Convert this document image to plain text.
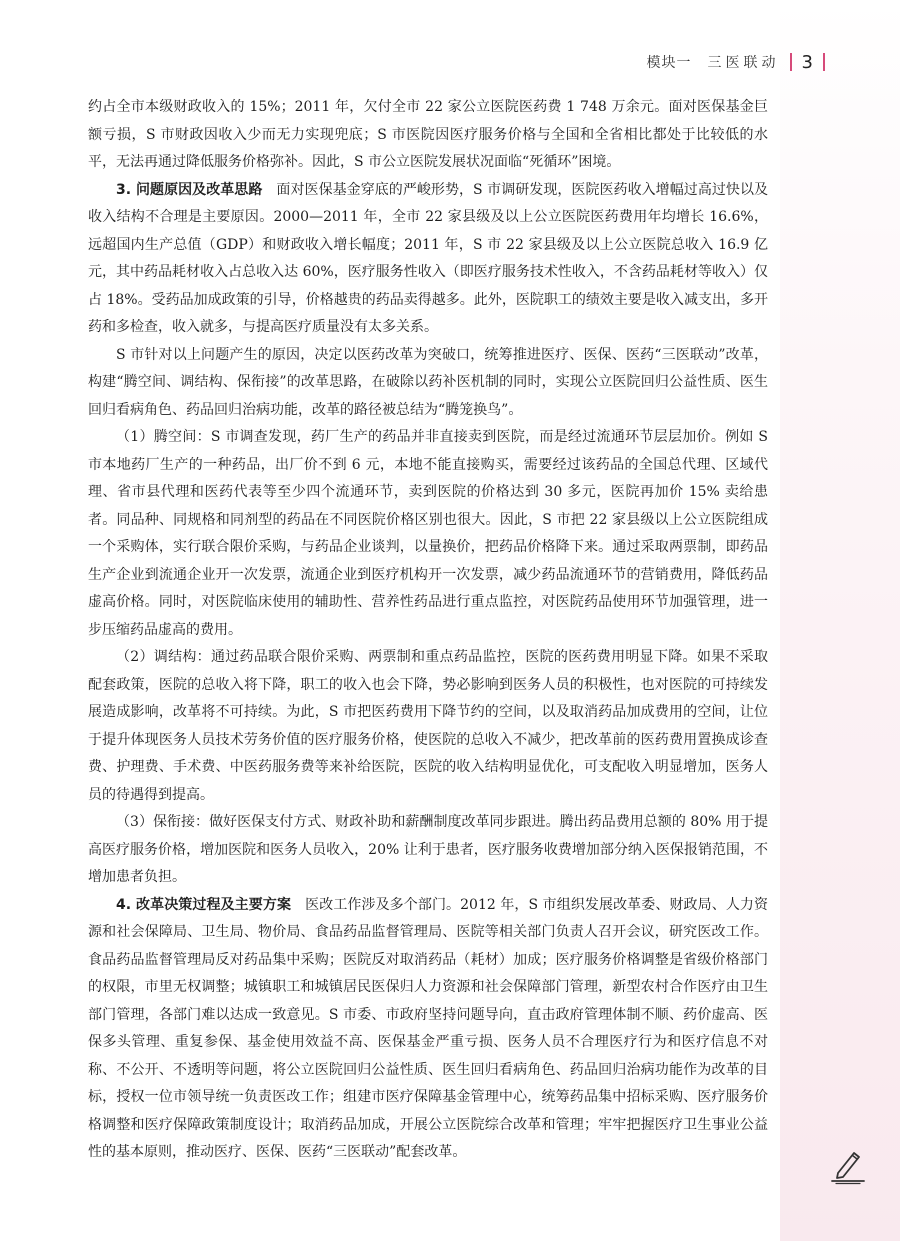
模块一 三医联动 3

约占全市本级财政收入的 15%；2011 年，欠付全市 22 家公立医院医药费 1 748 万余元。面对医保基金巨额亏损，S 市财政因收入少而无力实现兜底；S 市医院因医疗服务价格与全国和全省相比都处于比较低的水平，无法再通过降低服务价格弥补。因此，S 市公立医院发展状况面临“死循环”困境。

3. 问题原因及改革思路　面对医保基金穿底的严峻形势，S 市调研发现，医院医药收入增幅过高过快以及收入结构不合理是主要原因。2000—2011 年，全市 22 家县级及以上公立医院医药费用年均增长 16.6%，远超国内生产总值（GDP）和财政收入增长幅度；2011 年，S 市 22 家县级及以上公立医院总收入 16.9 亿元，其中药品耗材收入占总收入达 60%，医疗服务性收入（即医疗服务技术性收入，不含药品耗材等收入）仅占 18%。受药品加成政策的引导，价格越贵的药品卖得越多。此外，医院职工的绩效主要是收入减支出，多开药和多检查，收入就多，与提高医疗质量没有太多关系。

S 市针对以上问题产生的原因，决定以医药改革为突破口，统筹推进医疗、医保、医药“三医联动”改革，构建“腾空间、调结构、保衔接”的改革思路，在破除以药补医机制的同时，实现公立医院回归公益性质、医生回归看病角色、药品回归治病功能，改革的路径被总结为“腾笼换鸟”。

（1）腾空间：S 市调查发现，药厂生产的药品并非直接卖到医院，而是经过流通环节层层加价。例如 S 市本地药厂生产的一种药品，出厂价不到 6 元，本地不能直接购买，需要经过该药品的全国总代理、区域代理、省市县代理和医药代表等至少四个流通环节，卖到医院的价格达到 30 多元，医院再加价 15% 卖给患者。同品种、同规格和同剂型的药品在不同医院价格区别也很大。因此，S 市把 22 家县级以上公立医院组成一个采购体，实行联合限价采购，与药品企业谈判，以量换价，把药品价格降下来。通过采取两票制，即药品生产企业到流通企业开一次发票，流通企业到医疗机构开一次发票，减少药品流通环节的营销费用，降低药品虚高价格。同时，对医院临床使用的辅助性、营养性药品进行重点监控，对医院药品使用环节加强管理，进一步压缩药品虚高的费用。

（2）调结构：通过药品联合限价采购、两票制和重点药品监控，医院的医药费用明显下降。如果不采取配套政策，医院的总收入将下降，职工的收入也会下降，势必影响到医务人员的积极性，也对医院的可持续发展造成影响，改革将不可持续。为此，S 市把医药费用下降节约的空间，以及取消药品加成费用的空间，让位于提升体现医务人员技术劳务价值的医疗服务价格，使医院的总收入不减少，把改革前的医药费用置换成诊查费、护理费、手术费、中医药服务费等来补给医院，医院的收入结构明显优化，可支配收入明显增加，医务人员的待遇得到提高。

（3）保衔接：做好医保支付方式、财政补助和薪酬制度改革同步跟进。腾出药品费用总额的 80% 用于提高医疗服务价格，增加医院和医务人员收入，20% 让利于患者，医疗服务收费增加部分纳入医保报销范围，不增加患者负担。

4. 改革决策过程及主要方案　医改工作涉及多个部门。2012 年，S 市组织发展改革委、财政局、人力资源和社会保障局、卫生局、物价局、食品药品监督管理局、医院等相关部门负责人召开会议，研究医改工作。食品药品监督管理局反对药品集中采购；医院反对取消药品（耗材）加成；医疗服务价格调整是省级价格部门的权限，市里无权调整；城镇职工和城镇居民医保归人力资源和社会保障部门管理，新型农村合作医疗由卫生部门管理，各部门难以达成一致意见。S 市委、市政府坚持问题导向，直击政府管理体制不顺、药价虚高、医保多头管理、重复参保、基金使用效益不高、医保基金严重亏损、医务人员不合理医疗行为和医疗信息不对称、不公开、不透明等问题，将公立医院回归公益性质、医生回归看病角色、药品回归治病功能作为改革的目标，授权一位市领导统一负责医改工作；组建市医疗保障基金管理中心，统筹药品集中招标采购、医疗服务价格调整和医疗保障政策制度设计；取消药品加成，开展公立医院综合改革和管理；牢牢把握医疗卫生事业公益性的基本原则，推动医疗、医保、医药“三医联动”配套改革。
